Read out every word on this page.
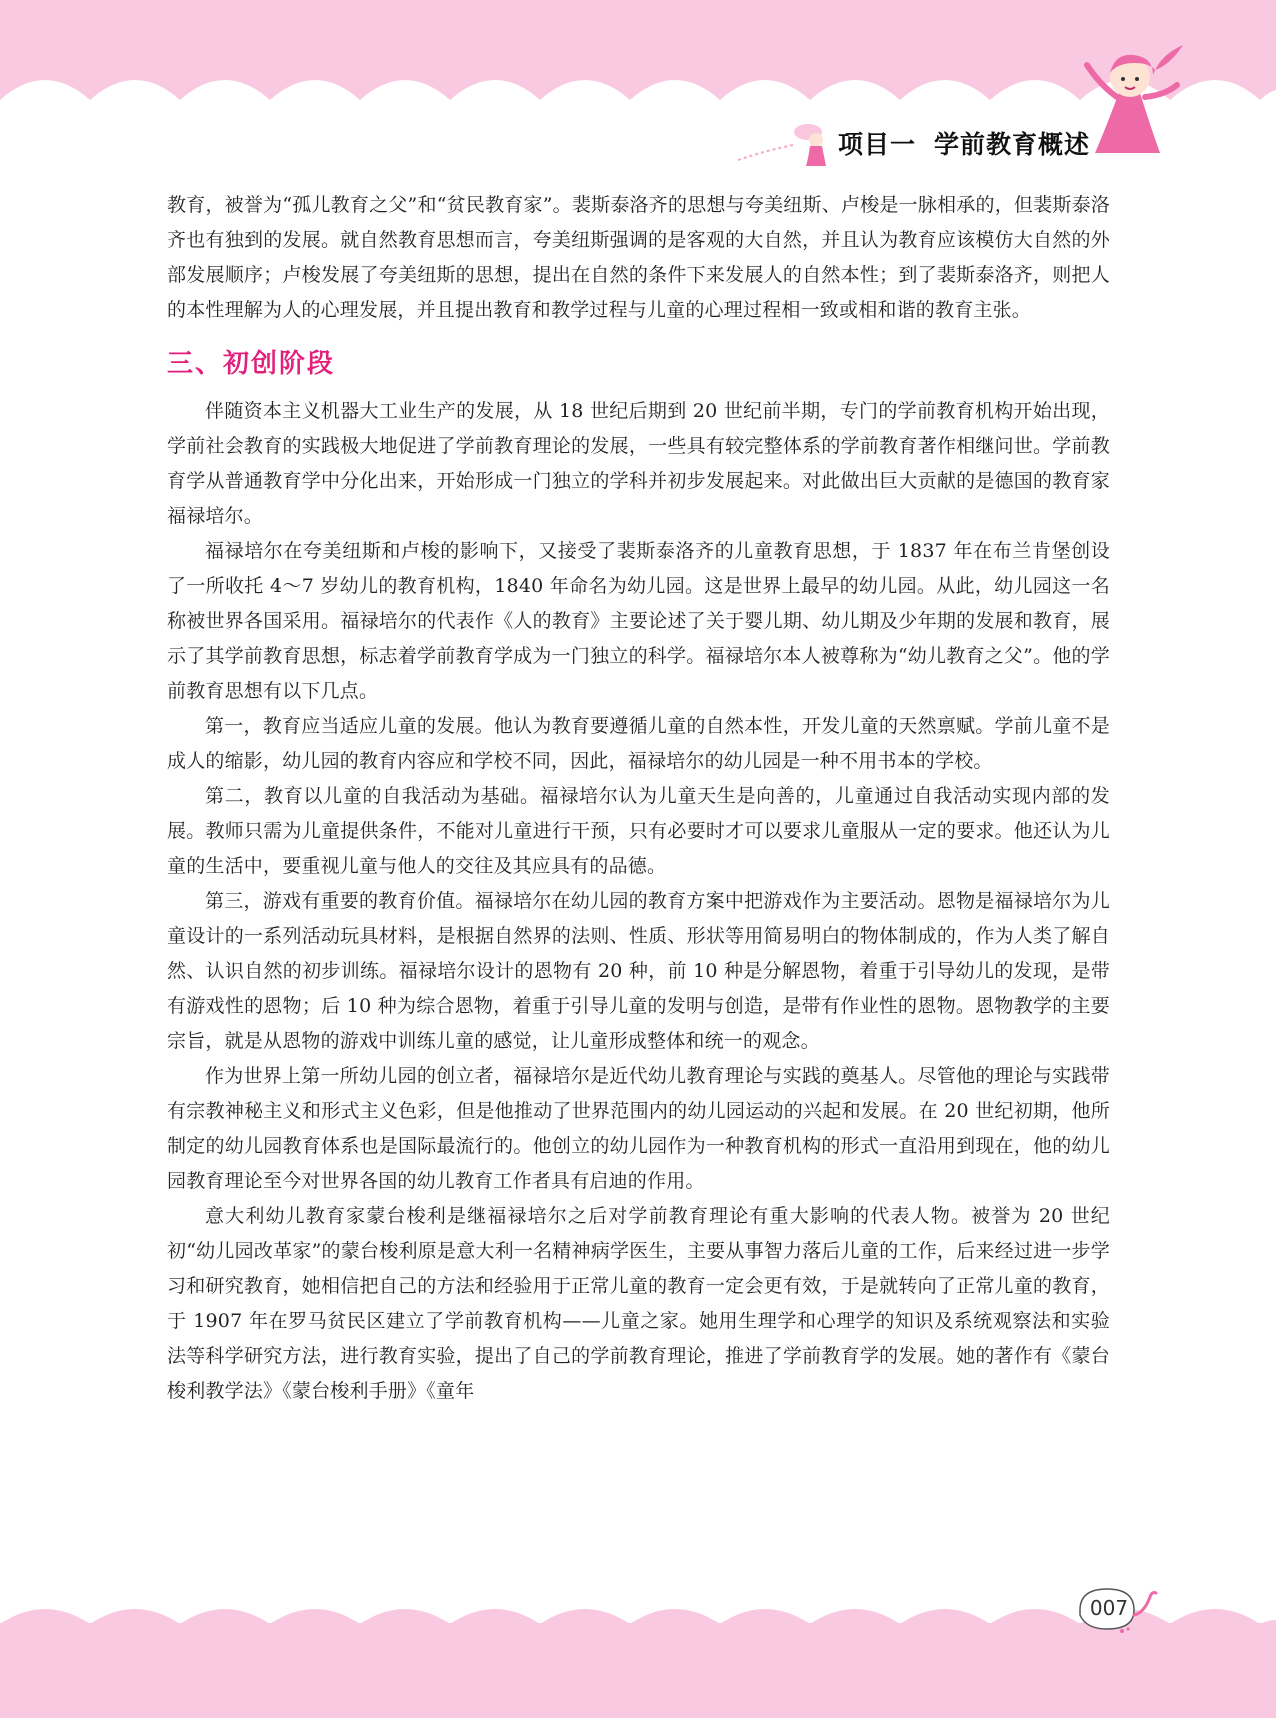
项目一 学前教育概述

教育，被誉为“孤儿教育之父”和“贫民教育家”。裴斯泰洛齐的思想与夸美纽斯、卢梭是一脉相承的，但裴斯泰洛齐也有独到的发展。就自然教育思想而言，夸美纽斯强调的是客观的大自然，并且认为教育应该模仿大自然的外部发展顺序；卢梭发展了夸美纽斯的思想，提出在自然的条件下来发展人的自然本性；到了裴斯泰洛齐，则把人的本性理解为人的心理发展，并且提出教育和教学过程与儿童的心理过程相一致或相和谐的教育主张。

三、初创阶段

伴随资本主义机器大工业生产的发展，从 18 世纪后期到 20 世纪前半期，专门的学前教育机构开始出现，学前社会教育的实践极大地促进了学前教育理论的发展，一些具有较完整体系的学前教育著作相继问世。学前教育学从普通教育学中分化出来，开始形成一门独立的学科并初步发展起来。对此做出巨大贡献的是德国的教育家福禄培尔。

福禄培尔在夸美纽斯和卢梭的影响下，又接受了裴斯泰洛齐的儿童教育思想，于 1837 年在布兰肯堡创设了一所收托 4～7 岁幼儿的教育机构，1840 年命名为幼儿园。这是世界上最早的幼儿园。从此，幼儿园这一名称被世界各国采用。福禄培尔的代表作《人的教育》主要论述了关于婴儿期、幼儿期及少年期的发展和教育，展示了其学前教育思想，标志着学前教育学成为一门独立的科学。福禄培尔本人被尊称为“幼儿教育之父”。他的学前教育思想有以下几点。

第一，教育应当适应儿童的发展。他认为教育要遵循儿童的自然本性，开发儿童的天然禀赋。学前儿童不是成人的缩影，幼儿园的教育内容应和学校不同，因此，福禄培尔的幼儿园是一种不用书本的学校。

第二，教育以儿童的自我活动为基础。福禄培尔认为儿童天生是向善的，儿童通过自我活动实现内部的发展。教师只需为儿童提供条件，不能对儿童进行干预，只有必要时才可以要求儿童服从一定的要求。他还认为儿童的生活中，要重视儿童与他人的交往及其应具有的品德。

第三，游戏有重要的教育价值。福禄培尔在幼儿园的教育方案中把游戏作为主要活动。恩物是福禄培尔为儿童设计的一系列活动玩具材料，是根据自然界的法则、性质、形状等用简易明白的物体制成的，作为人类了解自然、认识自然的初步训练。福禄培尔设计的恩物有 20 种，前 10 种是分解恩物，着重于引导幼儿的发现，是带有游戏性的恩物；后 10 种为综合恩物，着重于引导儿童的发明与创造，是带有作业性的恩物。恩物教学的主要宗旨，就是从恩物的游戏中训练儿童的感觉，让儿童形成整体和统一的观念。

作为世界上第一所幼儿园的创立者，福禄培尔是近代幼儿教育理论与实践的奠基人。尽管他的理论与实践带有宗教神秘主义和形式主义色彩，但是他推动了世界范围内的幼儿园运动的兴起和发展。在 20 世纪初期，他所制定的幼儿园教育体系也是国际最流行的。他创立的幼儿园作为一种教育机构的形式一直沿用到现在，他的幼儿园教育理论至今对世界各国的幼儿教育工作者具有启迪的作用。

意大利幼儿教育家蒙台梭利是继福禄培尔之后对学前教育理论有重大影响的代表人物。被誉为 20 世纪初“幼儿园改革家”的蒙台梭利原是意大利一名精神病学医生，主要从事智力落后儿童的工作，后来经过进一步学习和研究教育，她相信把自己的方法和经验用于正常儿童的教育一定会更有效，于是就转向了正常儿童的教育，于 1907 年在罗马贫民区建立了学前教育机构——儿童之家。她用生理学和心理学的知识及系统观察法和实验法等科学研究方法，进行教育实验，提出了自己的学前教育理论，推进了学前教育学的发展。她的著作有《蒙台梭利教学法》《蒙台梭利手册》《童年

007
